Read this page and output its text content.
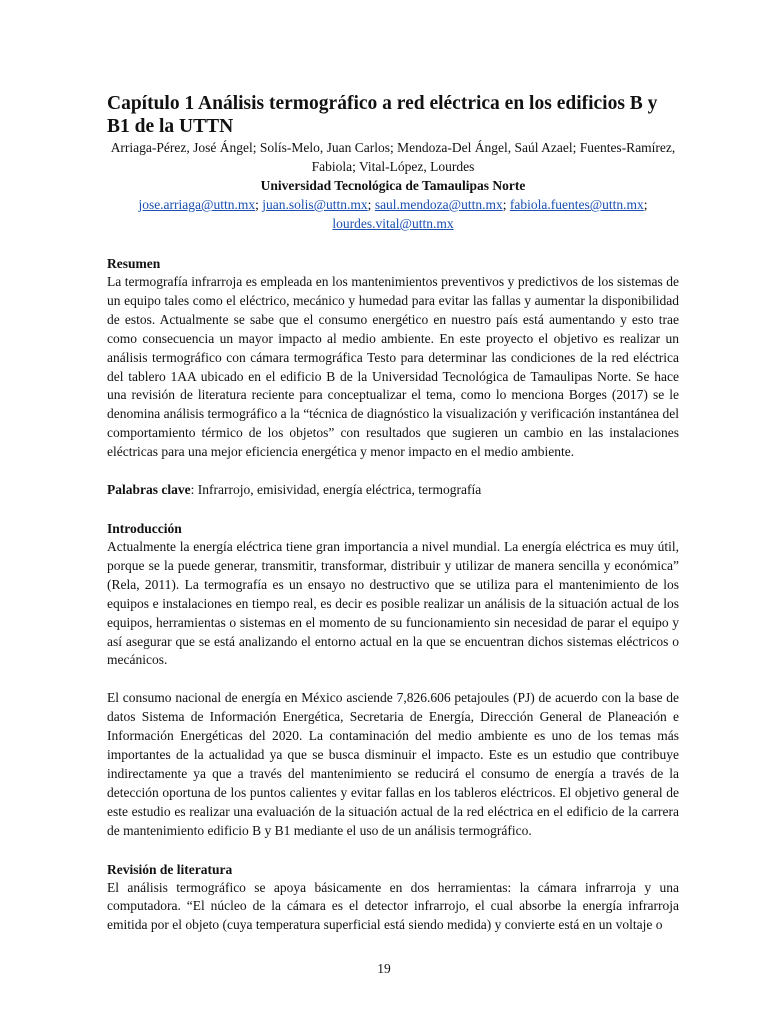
Capítulo 1 Análisis termográfico a red eléctrica en los edificios B y B1 de la UTTN

Arriaga-Pérez, José Ángel; Solís-Melo, Juan Carlos; Mendoza-Del Ángel, Saúl Azael; Fuentes-Ramírez, Fabiola; Vital-López, Lourdes

Universidad Tecnológica de Tamaulipas Norte

jose.arriaga@uttn.mx; juan.solis@uttn.mx; saul.mendoza@uttn.mx; fabiola.fuentes@uttn.mx; lourdes.vital@uttn.mx

Resumen

La termografía infrarroja es empleada en los mantenimientos preventivos y predictivos de los sistemas de un equipo tales como el eléctrico, mecánico y humedad para evitar las fallas y aumentar la disponibilidad de estos. Actualmente se sabe que el consumo energético en nuestro país está aumentando y esto trae como consecuencia un mayor impacto al medio ambiente. En este proyecto el objetivo es realizar un análisis termográfico con cámara termográfica Testo para determinar las condiciones de la red eléctrica del tablero 1AA ubicado en el edificio B de la Universidad Tecnológica de Tamaulipas Norte. Se hace una revisión de literatura reciente para conceptualizar el tema, como lo menciona Borges (2017) se le denomina análisis termográfico a la “técnica de diagnóstico la visualización y verificación instantánea del comportamiento térmico de los objetos” con resultados que sugieren un cambio en las instalaciones eléctricas para una mejor eficiencia energética y menor impacto en el medio ambiente.

Palabras clave: Infrarrojo, emisividad, energía eléctrica, termografía

Introducción

Actualmente la energía eléctrica tiene gran importancia a nivel mundial. La energía eléctrica es muy útil, porque se la puede generar, transmitir, transformar, distribuir y utilizar de manera sencilla y económica” (Rela, 2011). La termografía es un ensayo no destructivo que se utiliza para el mantenimiento de los equipos e instalaciones en tiempo real, es decir es posible realizar un análisis de la situación actual de los equipos, herramientas o sistemas en el momento de su funcionamiento sin necesidad de parar el equipo y así asegurar que se está analizando el entorno actual en la que se encuentran dichos sistemas eléctricos o mecánicos.

El consumo nacional de energía en México asciende 7,826.606 petajoules (PJ) de acuerdo con la base de datos Sistema de Información Energética, Secretaria de Energía, Dirección General de Planeación e Información Energéticas del 2020. La contaminación del medio ambiente es uno de los temas más importantes de la actualidad ya que se busca disminuir el impacto. Este es un estudio que contribuye indirectamente ya que a través del mantenimiento se reducirá el consumo de energía a través de la detección oportuna de los puntos calientes y evitar fallas en los tableros eléctricos. El objetivo general de este estudio es realizar una evaluación de la situación actual de la red eléctrica en el edificio de la carrera de mantenimiento edificio B y B1 mediante el uso de un análisis termográfico.

Revisión de literatura

El análisis termográfico se apoya básicamente en dos herramientas: la cámara infrarroja y una computadora. “El núcleo de la cámara es el detector infrarrojo, el cual absorbe la energía infrarroja emitida por el objeto (cuya temperatura superficial está siendo medida) y convierte está en un voltaje o

19
